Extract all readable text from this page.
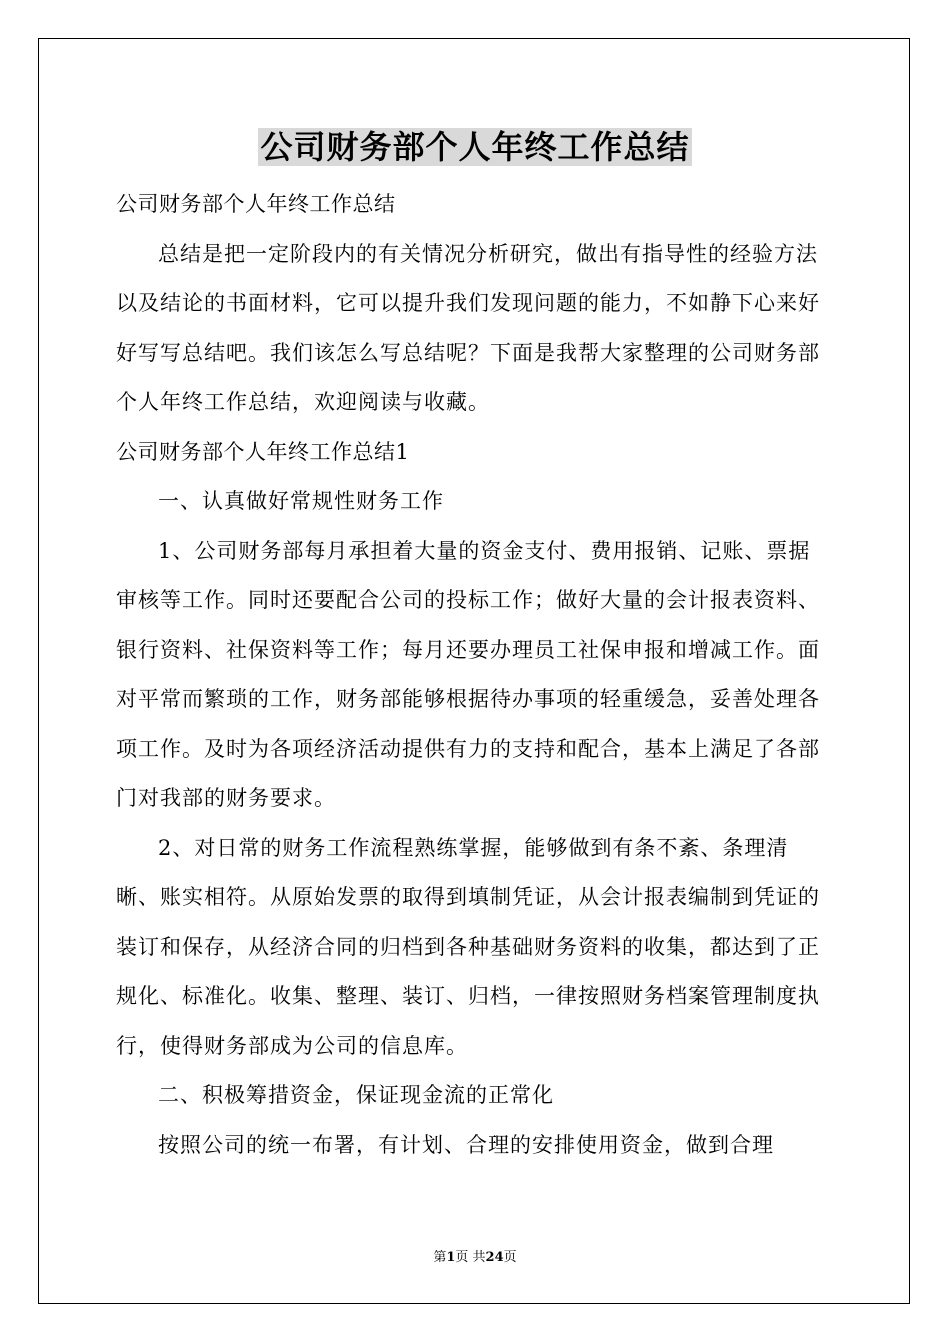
公司财务部个人年终工作总结

公司财务部个人年终工作总结

总结是把一定阶段内的有关情况分析研究，做出有指导性的经验方法以及结论的书面材料，它可以提升我们发现问题的能力，不如静下心来好好写写总结吧。我们该怎么写总结呢？下面是我帮大家整理的公司财务部个人年终工作总结，欢迎阅读与收藏。

公司财务部个人年终工作总结1

一、认真做好常规性财务工作

1、公司财务部每月承担着大量的资金支付、费用报销、记账、票据审核等工作。同时还要配合公司的投标工作；做好大量的会计报表资料、银行资料、社保资料等工作；每月还要办理员工社保申报和增减工作。面对平常而繁琐的工作，财务部能够根据待办事项的轻重缓急，妥善处理各项工作。及时为各项经济活动提供有力的支持和配合，基本上满足了各部门对我部的财务要求。

2、对日常的财务工作流程熟练掌握，能够做到有条不紊、条理清晰、账实相符。从原始发票的取得到填制凭证，从会计报表编制到凭证的装订和保存，从经济合同的归档到各种基础财务资料的收集，都达到了正规化、标准化。收集、整理、装订、归档，一律按照财务档案管理制度执行，使得财务部成为公司的信息库。

二、积极筹措资金，保证现金流的正常化

按照公司的统一布署，有计划、合理的安排使用资金，做到合理

第1页 共24页
